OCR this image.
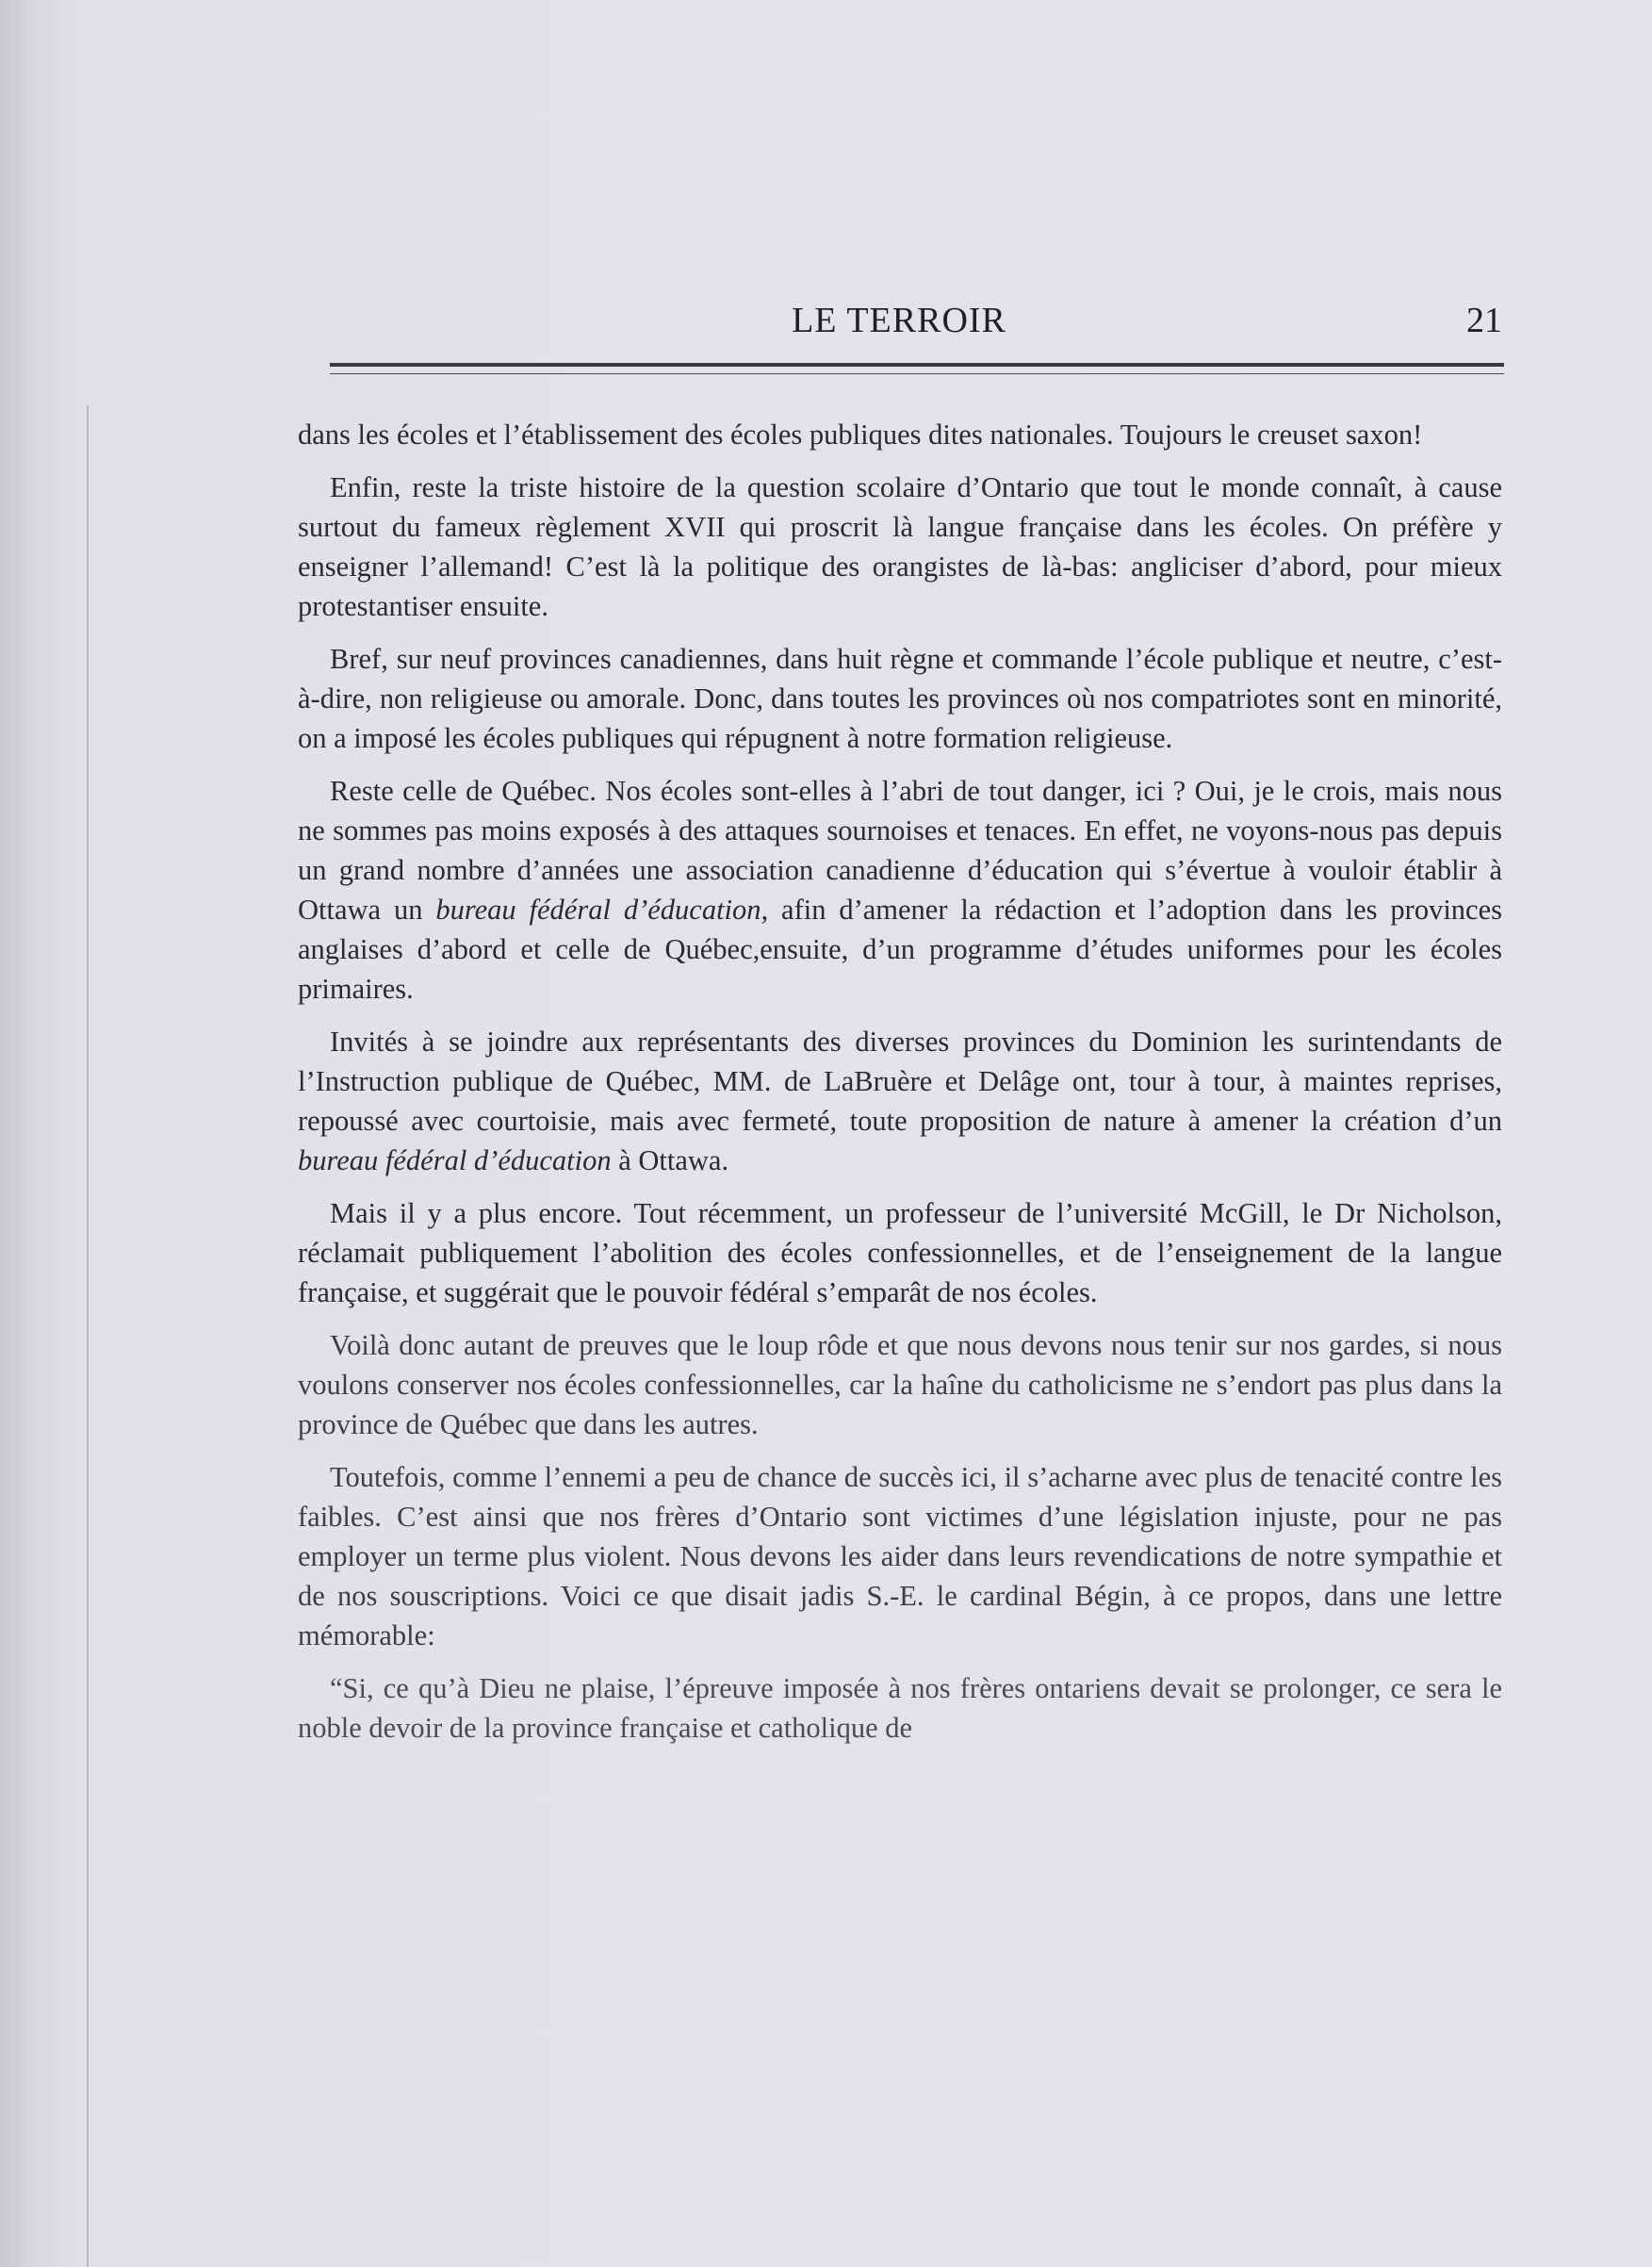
LE TERROIR	21

dans les écoles et l’établissement des écoles publiques dites nationales. Toujours le creuset saxon!

Enfin, reste la triste histoire de la question scolaire d’Ontario que tout le monde connaît, à cause surtout du fameux règlement XVII qui proscrit là langue française dans les écoles. On préfère y enseigner l’allemand! C’est là la politique des orangistes de là-bas: angliciser d’abord, pour mieux protestantiser ensuite.

Bref, sur neuf provinces canadiennes, dans huit règne et commande l’école publique et neutre, c’est-à-dire, non religieuse ou amorale. Donc, dans toutes les provinces où nos compatriotes sont en minorité, on a imposé les écoles publiques qui répugnent à notre formation religieuse.

Reste celle de Québec. Nos écoles sont-elles à l’abri de tout danger, ici ? Oui, je le crois, mais nous ne sommes pas moins exposés à des attaques sournoises et tenaces. En effet, ne voyons-nous pas depuis un grand nombre d’années une association canadienne d’éducation qui s’évertue à vouloir établir à Ottawa un bureau fédéral d’éducation, afin d’amener la rédaction et l’adoption dans les provinces anglaises d’abord et celle de Québec,ensuite, d’un programme d’études uniformes pour les écoles primaires.

Invités à se joindre aux représentants des diverses provinces du Dominion les surintendants de l’Instruction publique de Québec, MM. de LaBruère et Delâge ont, tour à tour, à maintes reprises, repoussé avec courtoisie, mais avec fermeté, toute proposition de nature à amener la création d’un bureau fédéral d’éducation à Ottawa.

Mais il y a plus encore. Tout récemment, un professeur de l’université McGill, le Dr Nicholson, réclamait publiquement l’abolition des écoles confessionnelles, et de l’enseignement de la langue française, et suggérait que le pouvoir fédéral s’emparât de nos écoles.

Voilà donc autant de preuves que le loup rôde et que nous devons nous tenir sur nos gardes, si nous voulons conserver nos écoles confessionnelles, car la haîne du catholicisme ne s’endort pas plus dans la province de Québec que dans les autres.

Toutefois, comme l’ennemi a peu de chance de succès ici, il s’acharne avec plus de tenacité contre les faibles. C’est ainsi que nos frères d’Ontario sont victimes d’une législation injuste, pour ne pas employer un terme plus violent. Nous devons les aider dans leurs revendications de notre sympathie et de nos souscriptions. Voici ce que disait jadis S.-E. le cardinal Bégin, à ce propos, dans une lettre mémorable:

“Si, ce qu’à Dieu ne plaise, l’épreuve imposée à nos frères ontariens devait se prolonger, ce sera le noble devoir de la province française et catholique de
